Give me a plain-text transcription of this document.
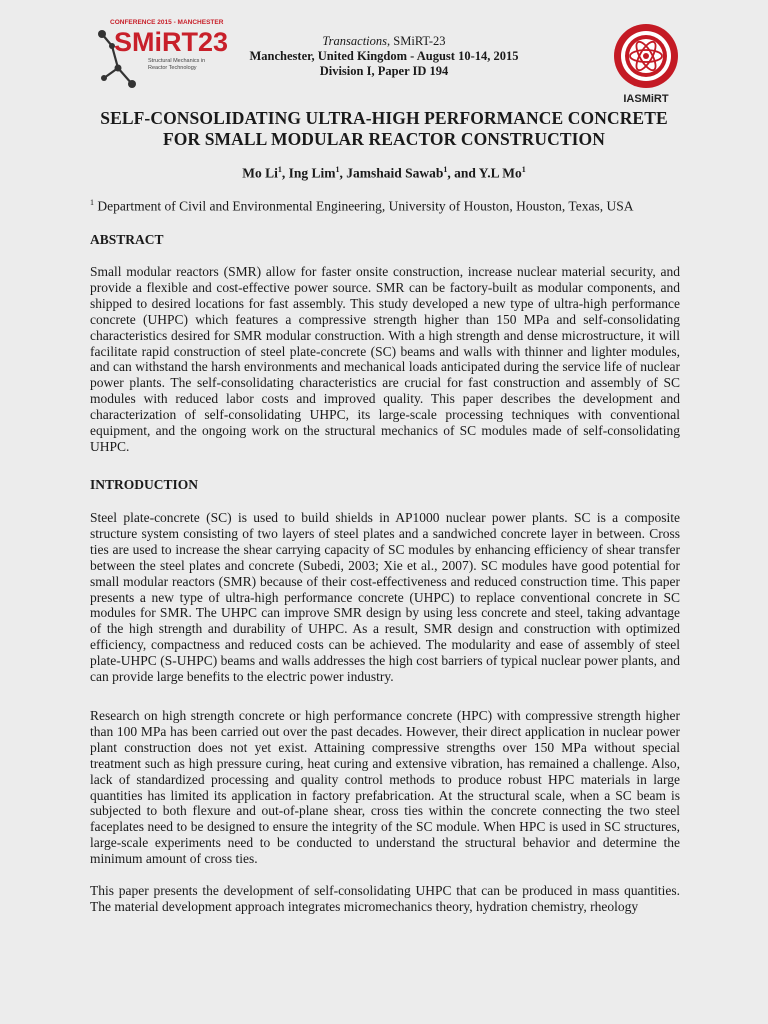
CONFERENCE 2015 - MANCHESTER
SMiRT23
Structural Mechanics in
Reactor Technology
Transactions, SMiRT-23
Manchester, United Kingdom - August 10-14, 2015
Division I, Paper ID 194
IASMiRT
SELF-CONSOLIDATING ULTRA-HIGH PERFORMANCE CONCRETE
FOR SMALL MODULAR REACTOR CONSTRUCTION
Mo Li$^1$, Ing Lim$^1$, Jamshaid Sawab$^1$, and Y.L Mo$^1$
$^1$ Department of Civil and Environmental Engineering, University of Houston, Houston, Texas, USA
ABSTRACT

Small modular reactors (SMR) allow for faster onsite construction, increase nuclear material security, and provide a flexible and cost-effective power source. SMR can be factory-built as modular components, and shipped to desired locations for fast assembly. This study developed a new type of ultra-high performance concrete (UHPC) which features a compressive strength higher than 150 MPa and self-consolidating characteristics desired for SMR modular construction. With a high strength and dense microstructure, it will facilitate rapid construction of steel plate-concrete (SC) beams and walls with thinner and lighter modules, and can withstand the harsh environments and mechanical loads anticipated during the service life of nuclear power plants. The self-consolidating characteristics are crucial for fast construction and assembly of SC modules with reduced labor costs and improved quality. This paper describes the development and characterization of self-consolidating UHPC, its large-scale processing techniques with conventional equipment, and the ongoing work on the structural mechanics of SC modules made of self-consolidating UHPC.

INTRODUCTION

Steel plate-concrete (SC) is used to build shields in AP1000 nuclear power plants. SC is a composite structure system consisting of two layers of steel plates and a sandwiched concrete layer in between. Cross ties are used to increase the shear carrying capacity of SC modules by enhancing efficiency of shear transfer between the steel plates and concrete (Subedi, 2003; Xie et al., 2007). SC modules have good potential for small modular reactors (SMR) because of their cost-effectiveness and reduced construction time. This paper presents a new type of ultra-high performance concrete (UHPC) to replace conventional concrete in SC modules for SMR. The UHPC can improve SMR design by using less concrete and steel, taking advantage of the high strength and durability of UHPC. As a result, SMR design and construction with optimized efficiency, compactness and reduced costs can be achieved. The modularity and ease of assembly of steel plate-UHPC (S-UHPC) beams and walls addresses the high cost barriers of typical nuclear power plants, and can provide large benefits to the electric power industry.

Research on high strength concrete or high performance concrete (HPC) with compressive strength higher than 100 MPa has been carried out over the past decades. However, their direct application in nuclear power plant construction does not yet exist. Attaining compressive strengths over 150 MPa without special treatment such as high pressure curing, heat curing and extensive vibration, has remained a challenge. Also, lack of standardized processing and quality control methods to produce robust HPC materials in large quantities has limited its application in factory prefabrication. At the structural scale, when a SC beam is subjected to both flexure and out-of-plane shear, cross ties within the concrete connecting the two steel faceplates need to be designed to ensure the integrity of the SC module. When HPC is used in SC structures, large-scale experiments need to be conducted to understand the structural behavior and determine the minimum amount of cross ties.

This paper presents the development of self-consolidating UHPC that can be produced in mass quantities. The material development approach integrates micromechanics theory, hydration chemistry, rheology
